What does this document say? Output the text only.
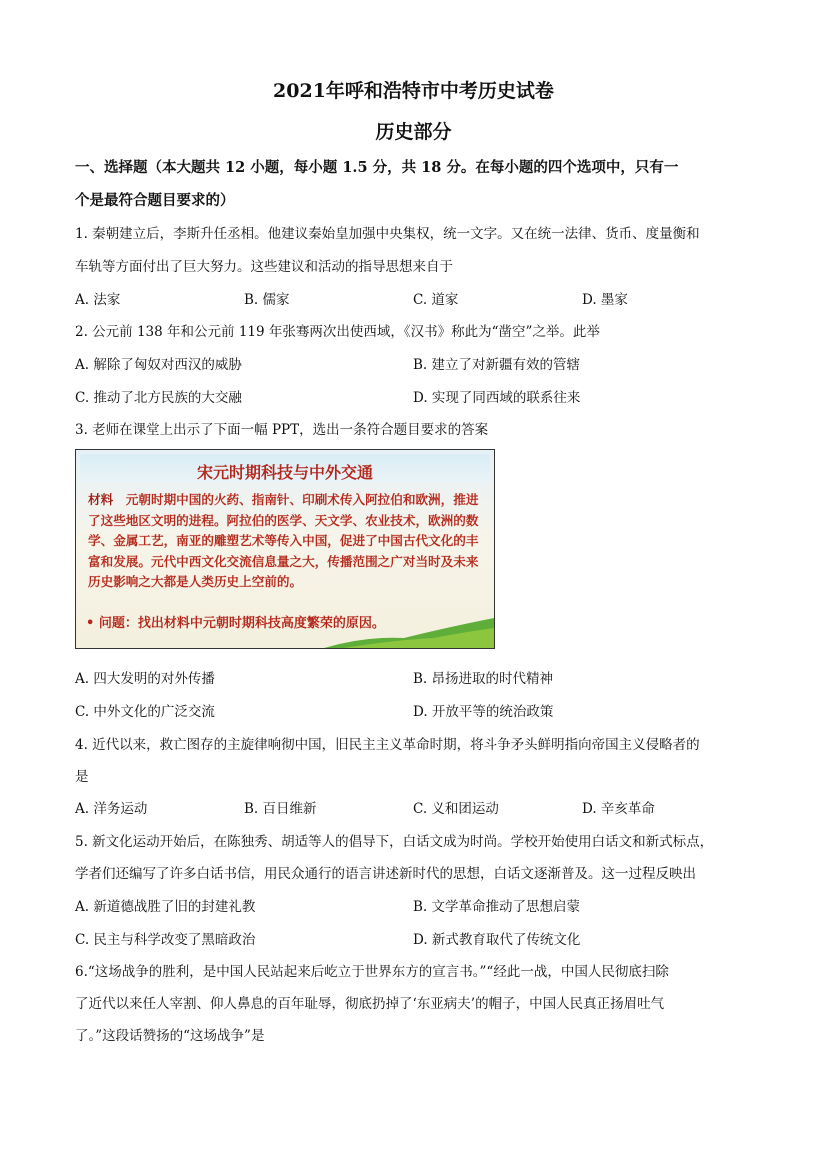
2021年呼和浩特市中考历史试卷
历史部分
一、选择题（本大题共 12 小题，每小题 1.5 分，共 18 分。在每小题的四个选项中，只有一
个是最符合题目要求的）
1. 秦朝建立后，李斯升任丞相。他建议秦始皇加强中央集权，统一文字。又在统一法律、货币、度量衡和
车轨等方面付出了巨大努力。这些建议和活动的指导思想来自于
A. 法家	B. 儒家	C. 道家	D. 墨家
2. 公元前 138 年和公元前 119 年张骞两次出使西域，《汉书》称此为“凿空”之举。此举
A. 解除了匈奴对西汉的威胁	B. 建立了对新疆有效的管辖
C. 推动了北方民族的大交融	D. 实现了同西域的联系往来
3. 老师在课堂上出示了下面一幅 PPT，选出一条符合题目要求的答案
宋元时期科技与中外交通
材料　元朝时期中国的火药、指南针、印刷术传入阿拉伯和欧洲，推进了这些地区文明的进程。阿拉伯的医学、天文学、农业技术，欧洲的数学、金属工艺，南亚的雕塑艺术等传入中国，促进了中国古代文化的丰富和发展。元代中西文化交流信息量之大，传播范围之广对当时及未来历史影响之大都是人类历史上空前的。
• 问题：找出材料中元朝时期科技高度繁荣的原因。
A. 四大发明的对外传播	B. 昂扬进取的时代精神
C. 中外文化的广泛交流	D. 开放平等的统治政策
4. 近代以来，救亡图存的主旋律响彻中国，旧民主主义革命时期，将斗争矛头鲜明指向帝国主义侵略者的
是
A. 洋务运动	B. 百日维新	C. 义和团运动	D. 辛亥革命
5. 新文化运动开始后，在陈独秀、胡适等人的倡导下，白话文成为时尚。学校开始使用白话文和新式标点，
学者们还编写了许多白话书信，用民众通行的语言讲述新时代的思想，白话文逐渐普及。这一过程反映出
A. 新道德战胜了旧的封建礼教	B. 文学革命推动了思想启蒙
C. 民主与科学改变了黑暗政治	D. 新式教育取代了传统文化
6.“这场战争的胜利，是中国人民站起来后屹立于世界东方的宣言书。”“经此一战，中国人民彻底扫除
了近代以来任人宰割、仰人鼻息的百年耻辱，彻底扔掉了‘东亚病夫’的帽子，中国人民真正扬眉吐气
了。”这段话赞扬的“这场战争”是
